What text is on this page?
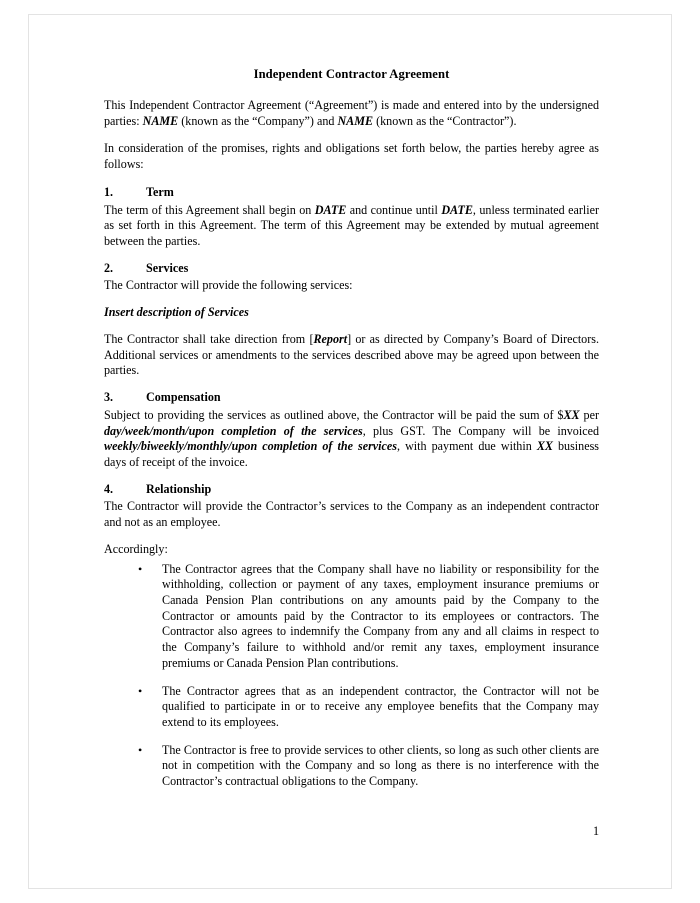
Independent Contractor Agreement

This Independent Contractor Agreement (“Agreement”) is made and entered into by the undersigned parties: NAME (known as the “Company”) and NAME (known as the “Contractor”).

In consideration of the promises, rights and obligations set forth below, the parties hereby agree as follows:

1.	Term

The term of this Agreement shall begin on DATE and continue until DATE, unless terminated earlier as set forth in this Agreement. The term of this Agreement may be extended by mutual agreement between the parties.

2.	Services

The Contractor will provide the following services:

Insert description of Services

The Contractor shall take direction from [Report] or as directed by Company’s Board of Directors. Additional services or amendments to the services described above may be agreed upon between the parties.

3.	Compensation

Subject to providing the services as outlined above, the Contractor will be paid the sum of $XX per day/week/month/upon completion of the services, plus GST. The Company will be invoiced weekly/biweekly/monthly/upon completion of the services, with payment due within XX business days of receipt of the invoice.

4.	Relationship

The Contractor will provide the Contractor’s services to the Company as an independent contractor and not as an employee.

Accordingly:

• The Contractor agrees that the Company shall have no liability or responsibility for the withholding, collection or payment of any taxes, employment insurance premiums or Canada Pension Plan contributions on any amounts paid by the Company to the Contractor or amounts paid by the Contractor to its employees or contractors. The Contractor also agrees to indemnify the Company from any and all claims in respect to the Company’s failure to withhold and/or remit any taxes, employment insurance premiums or Canada Pension Plan contributions.
• The Contractor agrees that as an independent contractor, the Contractor will not be qualified to participate in or to receive any employee benefits that the Company may extend to its employees.
• The Contractor is free to provide services to other clients, so long as such other clients are not in competition with the Company and so long as there is no interference with the Contractor’s contractual obligations to the Company.
1
